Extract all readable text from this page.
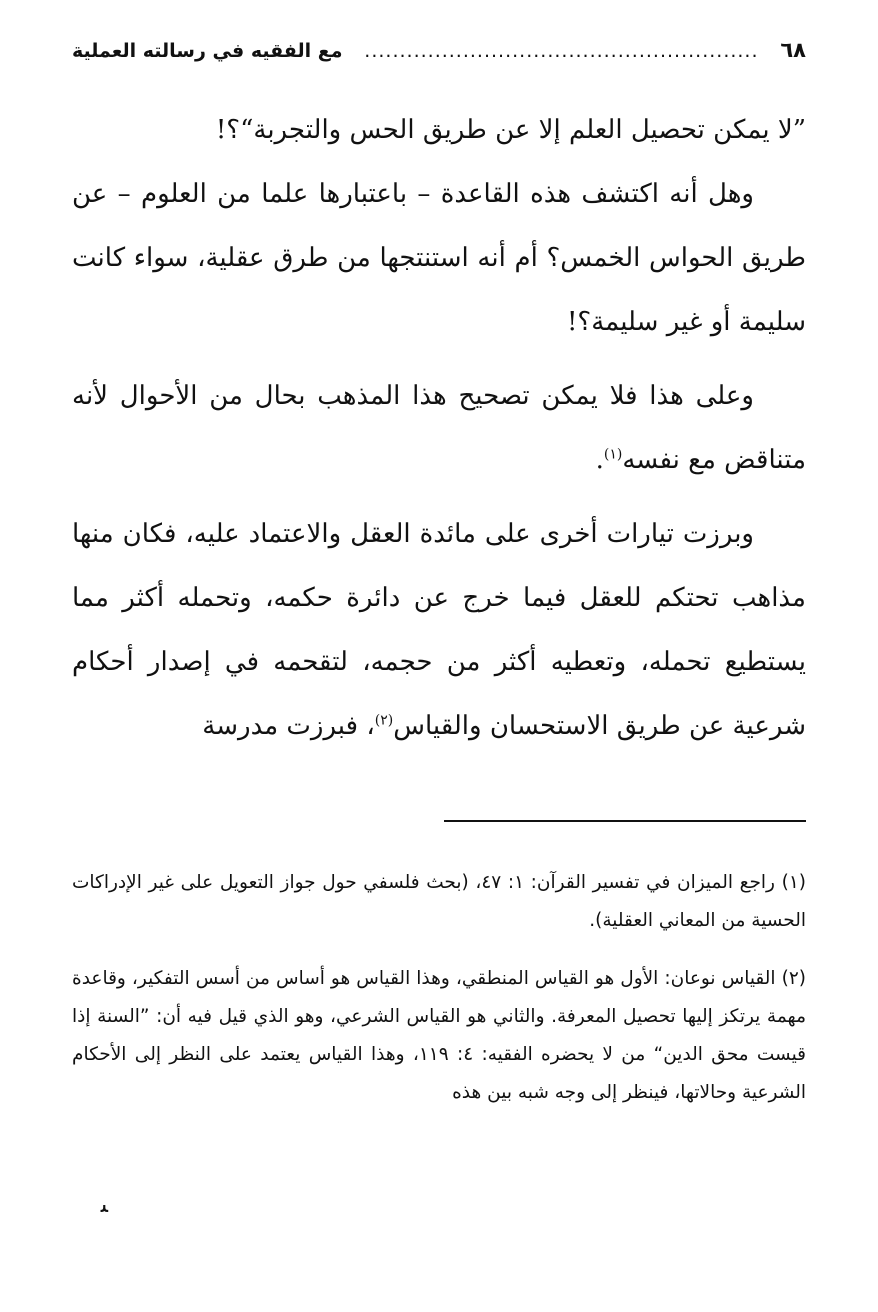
٦٨
........................................................
مع الفقيه في رسالته العملية

”لا يمكن تحصيل العلم إلا عن طريق الحس والتجربة“؟!

وهل أنه اكتشف هذه القاعدة – باعتبارها علما من العلوم – عن طريق الحواس الخمس؟ أم أنه استنتجها من طرق عقلية، سواء كانت سليمة أو غير سليمة؟!

وعلى هذا فلا يمكن تصحيح هذا المذهب بحال من الأحوال لأنه متناقض مع نفسه$^{(١)}$.

وبرزت تيارات أخرى على مائدة العقل والاعتماد عليه، فكان منها مذاهب تحتكم للعقل فيما خرج عن دائرة حكمه، وتحمله أكثر مما يستطيع تحمله، وتعطيه أكثر من حجمه، لتقحمه في إصدار أحكام شرعية عن طريق الاستحسان والقياس$^{(٢)}$، فبرزت مدرسة

(١) راجع الميزان في تفسير القرآن: ١: ٤٧، (بحث فلسفي حول جواز التعويل على غير الإدراكات الحسية من المعاني العقلية).

(٢) القياس نوعان: الأول هو القياس المنطقي، وهذا القياس هو أساس من أسس التفكير، وقاعدة مهمة يرتكز إليها تحصيل المعرفة. والثاني هو القياس الشرعي، وهو الذي قيل فيه أن: ”السنة إذا قيست محق الدين“ من لا يحضره الفقيه: ٤: ١١٩، وهذا القياس يعتمد على النظر إلى الأحكام الشرعية وحالاتها، فينظر إلى وجه شبه بين هذه

ﯩ
